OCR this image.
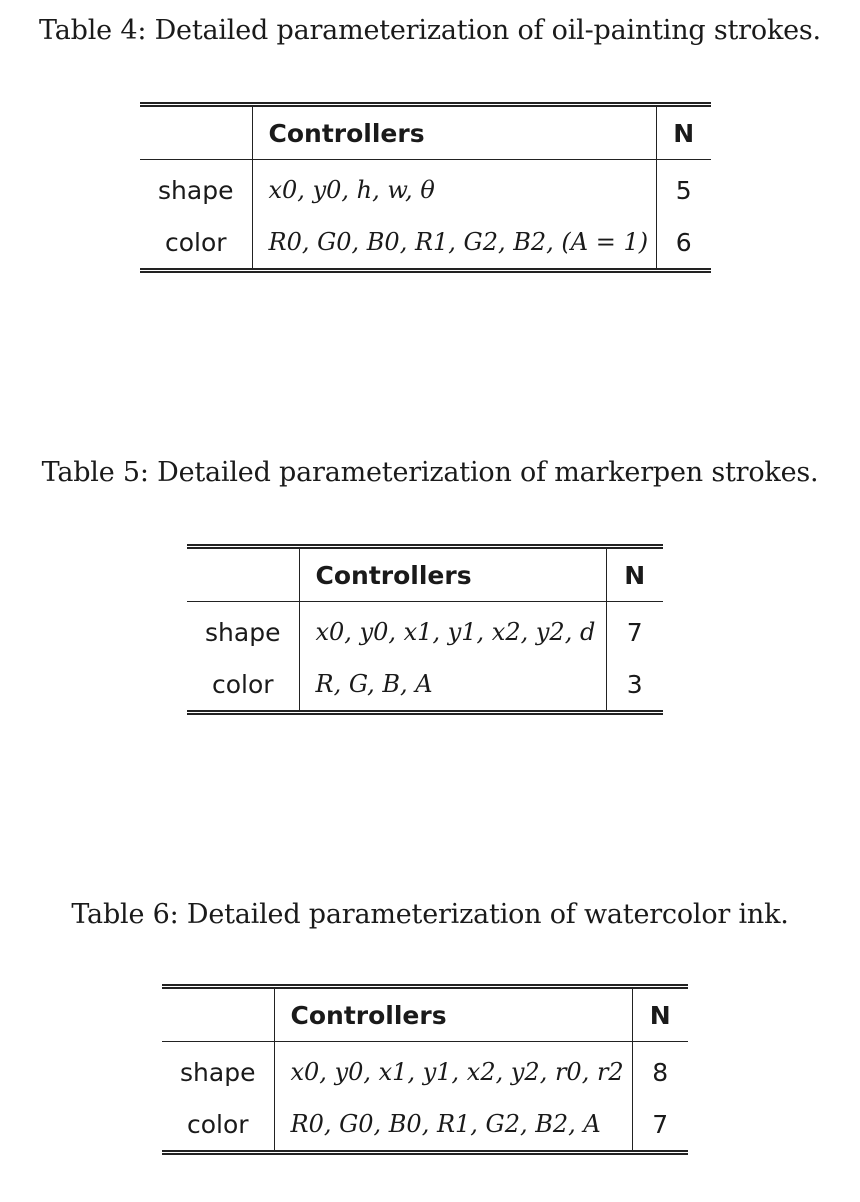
Table 4: Detailed parameterization of oil-painting strokes.
	Controllers	N
shape	x0, y0, h, w, θ	5
color	R0, G0, B0, R1, G2, B2, (A = 1)	6
Table 5: Detailed parameterization of markerpen strokes.
	Controllers	N
shape	x0, y0, x1, y1, x2, y2, d	7
color	R, G, B, A	3
Table 6: Detailed parameterization of watercolor ink.
	Controllers	N
shape	x0, y0, x1, y1, x2, y2, r0, r2	8
color	R0, G0, B0, R1, G2, B2, A	7
